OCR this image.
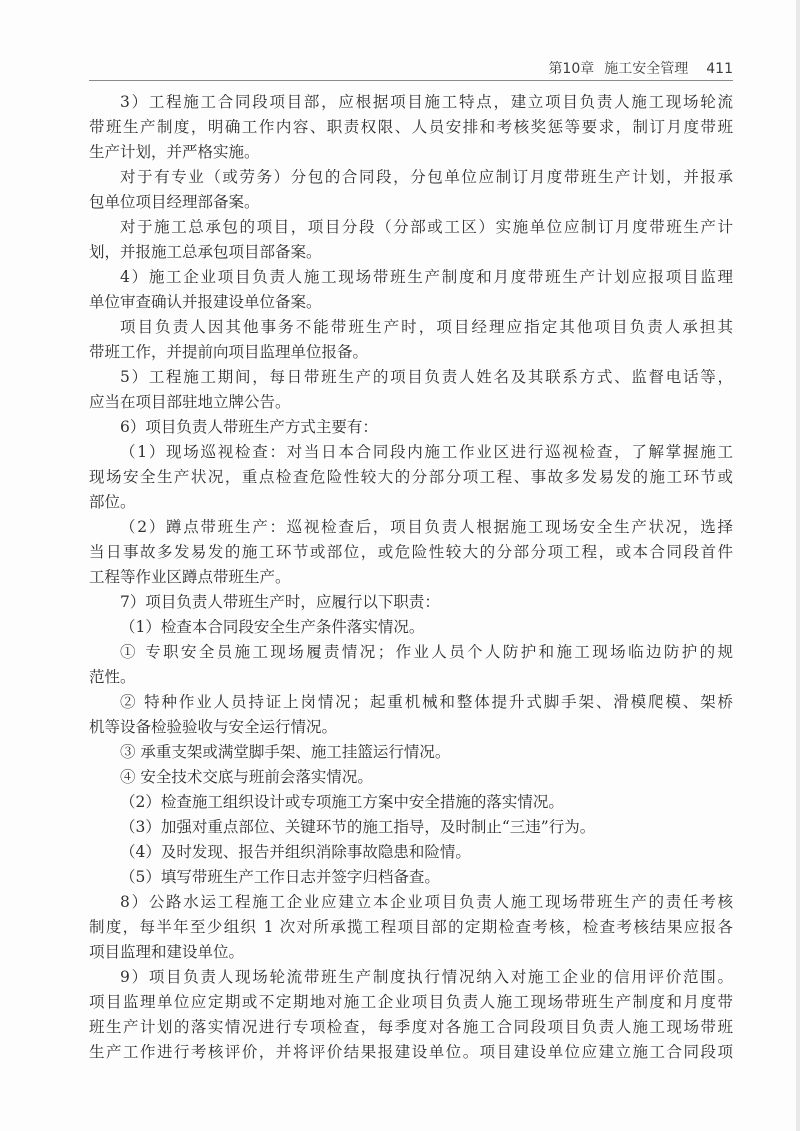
第10章 施工安全管理 411
3）工程施工合同段项目部，应根据项目施工特点，建立项目负责人施工现场轮流
带班生产制度，明确工作内容、职责权限、人员安排和考核奖惩等要求，制订月度带班
生产计划，并严格实施。
对于有专业（或劳务）分包的合同段，分包单位应制订月度带班生产计划，并报承
包单位项目经理部备案。
对于施工总承包的项目，项目分段（分部或工区）实施单位应制订月度带班生产计
划，并报施工总承包项目部备案。
4）施工企业项目负责人施工现场带班生产制度和月度带班生产计划应报项目监理
单位审查确认并报建设单位备案。
项目负责人因其他事务不能带班生产时，项目经理应指定其他项目负责人承担其
带班工作，并提前向项目监理单位报备。
5）工程施工期间，每日带班生产的项目负责人姓名及其联系方式、监督电话等，
应当在项目部驻地立牌公告。
6）项目负责人带班生产方式主要有：
（1）现场巡视检查：对当日本合同段内施工作业区进行巡视检查，了解掌握施工
现场安全生产状况，重点检查危险性较大的分部分项工程、事故多发易发的施工环节或
部位。
（2）蹲点带班生产：巡视检查后，项目负责人根据施工现场安全生产状况，选择
当日事故多发易发的施工环节或部位，或危险性较大的分部分项工程，或本合同段首件
工程等作业区蹲点带班生产。
7）项目负责人带班生产时，应履行以下职责：
（1）检查本合同段安全生产条件落实情况。
① 专职安全员施工现场履责情况；作业人员个人防护和施工现场临边防护的规
范性。
② 特种作业人员持证上岗情况；起重机械和整体提升式脚手架、滑模爬模、架桥
机等设备检验验收与安全运行情况。
③ 承重支架或满堂脚手架、施工挂篮运行情况。
④ 安全技术交底与班前会落实情况。
（2）检查施工组织设计或专项施工方案中安全措施的落实情况。
（3）加强对重点部位、关键环节的施工指导，及时制止“三违”行为。
（4）及时发现、报告并组织消除事故隐患和险情。
（5）填写带班生产工作日志并签字归档备查。
8）公路水运工程施工企业应建立本企业项目负责人施工现场带班生产的责任考核
制度，每半年至少组织 1 次对所承揽工程项目部的定期检查考核，检查考核结果应报各
项目监理和建设单位。
9）项目负责人现场轮流带班生产制度执行情况纳入对施工企业的信用评价范围。
项目监理单位应定期或不定期地对施工企业项目负责人施工现场带班生产制度和月度带
班生产计划的落实情况进行专项检查，每季度对各施工合同段项目负责人施工现场带班
生产工作进行考核评价，并将评价结果报建设单位。项目建设单位应建立施工合同段项
